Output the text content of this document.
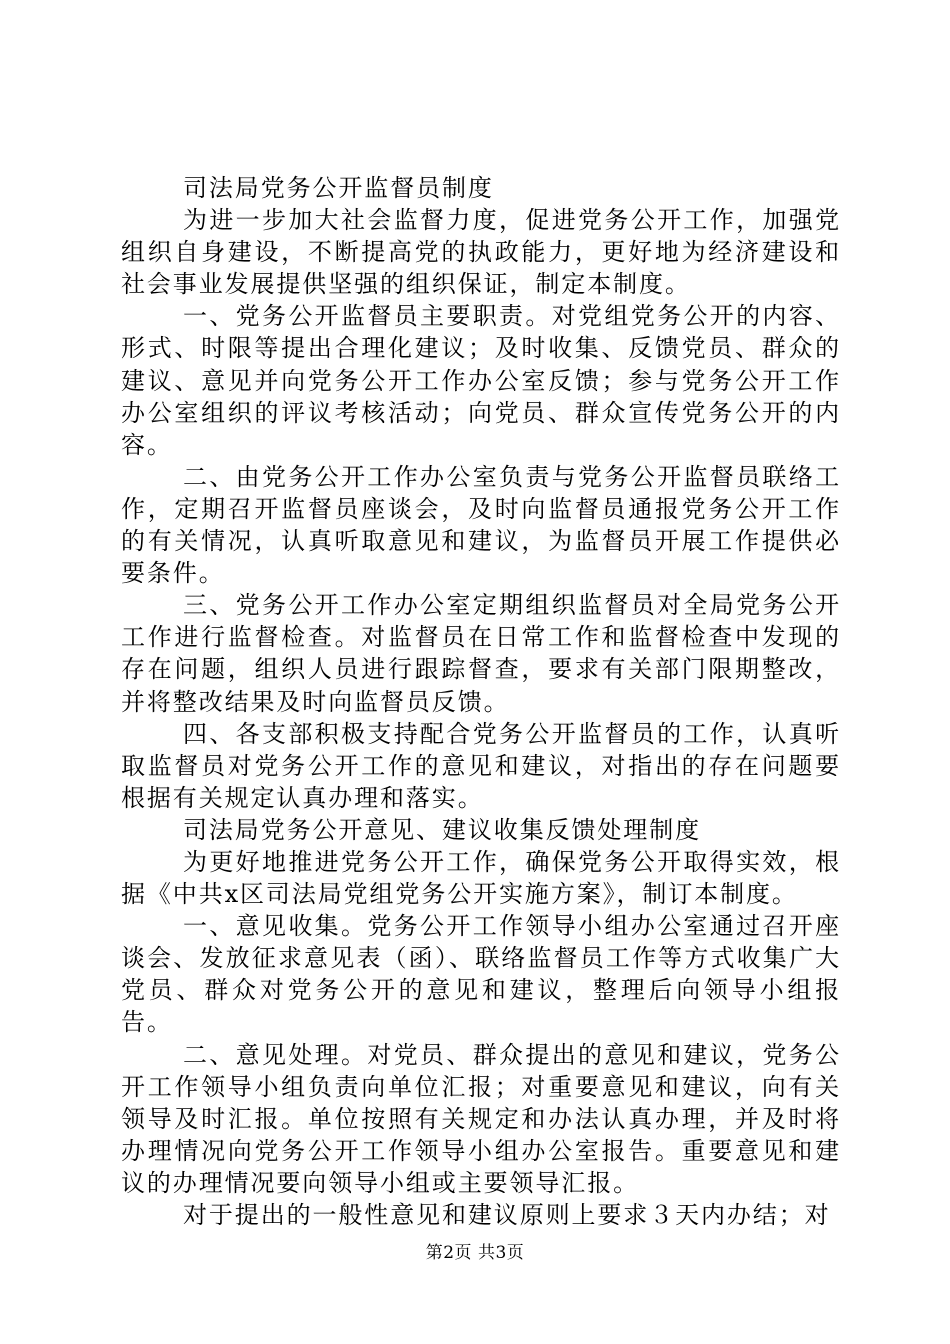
司法局党务公开监督员制度

为进一步加大社会监督力度，促进党务公开工作，加强党组织自身建设，不断提高党的执政能力，更好地为经济建设和社会事业发展提供坚强的组织保证，制定本制度。

一、党务公开监督员主要职责。对党组党务公开的内容、形式、时限等提出合理化建议；及时收集、反馈党员、群众的建议、意见并向党务公开工作办公室反馈；参与党务公开工作办公室组织的评议考核活动；向党员、群众宣传党务公开的内容。

二、由党务公开工作办公室负责与党务公开监督员联络工作，定期召开监督员座谈会，及时向监督员通报党务公开工作的有关情况，认真听取意见和建议，为监督员开展工作提供必要条件。

三、党务公开工作办公室定期组织监督员对全局党务公开工作进行监督检查。对监督员在日常工作和监督检查中发现的存在问题，组织人员进行跟踪督查，要求有关部门限期整改，并将整改结果及时向监督员反馈。

四、各支部积极支持配合党务公开监督员的工作，认真听取监督员对党务公开工作的意见和建议，对指出的存在问题要根据有关规定认真办理和落实。

司法局党务公开意见、建议收集反馈处理制度

为更好地推进党务公开工作，确保党务公开取得实效，根据《中共x区司法局党组党务公开实施方案》，制订本制度。

一、意见收集。党务公开工作领导小组办公室通过召开座谈会、发放征求意见表（函）、联络监督员工作等方式收集广大党员、群众对党务公开的意见和建议，整理后向领导小组报告。

二、意见处理。对党员、群众提出的意见和建议，党务公开工作领导小组负责向单位汇报；对重要意见和建议，向有关领导及时汇报。单位按照有关规定和办法认真办理，并及时将办理情况向党务公开工作领导小组办公室报告。重要意见和建议的办理情况要向领导小组或主要领导汇报。

对于提出的一般性意见和建议原则上要求３天内办结；对

第2页 共3页
